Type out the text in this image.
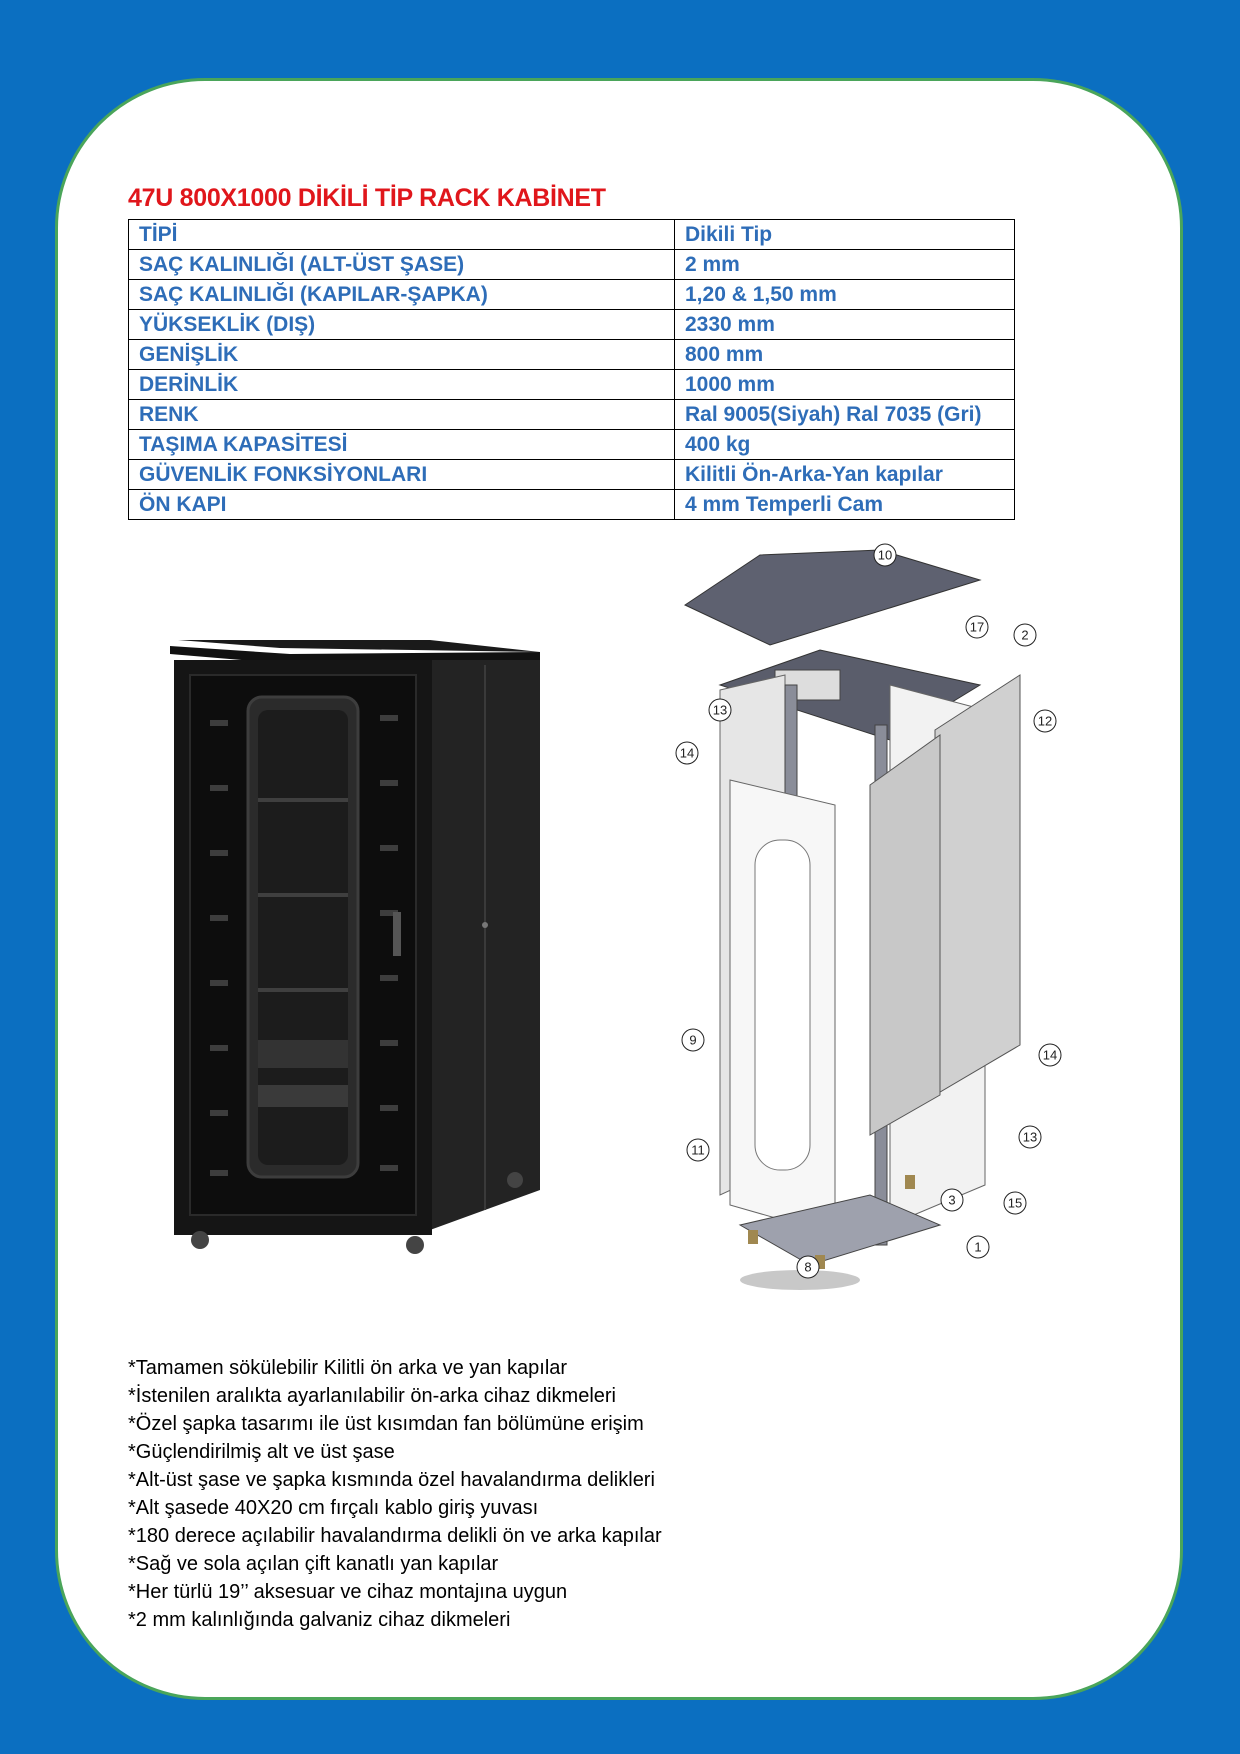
47U 800X1000 DİKİLİ TİP RACK KABİNET
TİPİ	Dikili Tip
SAÇ KALINLIĞI (ALT-ÜST ŞASE)	2 mm
SAÇ KALINLIĞI (KAPILAR-ŞAPKA)	1,20 & 1,50 mm
YÜKSEKLİK (DIŞ)	2330 mm
GENİŞLİK	800 mm
DERİNLİK	1000 mm
RENK	Ral 9005(Siyah) Ral 7035 (Gri)
TAŞIMA KAPASİTESİ	400 kg
GÜVENLİK FONKSİYONLARI	Kilitli Ön-Arka-Yan kapılar
ÖN KAPI	4 mm Temperli Cam
10
17
2
13
12
14
9
11
14
13
15
3
1
8
*Tamamen sökülebilir Kilitli ön arka ve yan kapılar
*İstenilen aralıkta ayarlanılabilir ön-arka cihaz dikmeleri
*Özel şapka tasarımı ile üst kısımdan fan bölümüne erişim
*Güçlendirilmiş alt ve üst şase
*Alt-üst şase ve şapka kısmında özel havalandırma delikleri
*Alt şasede 40X20 cm fırçalı kablo giriş yuvası
*180 derece açılabilir havalandırma delikli ön ve arka kapılar
*Sağ ve sola açılan çift kanatlı yan kapılar
*Her türlü 19’’ aksesuar ve cihaz montajına uygun
*2 mm kalınlığında galvaniz cihaz dikmeleri
